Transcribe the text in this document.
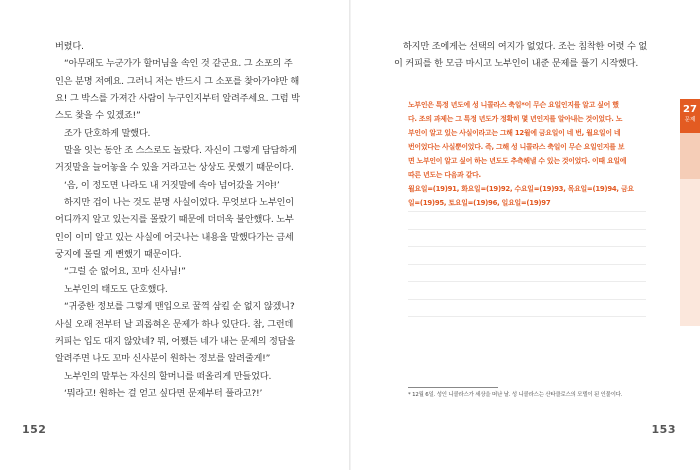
버렸다.

“아무래도 누군가가 할머님을 속인 것 같군요. 그 소포의 주

인은 분명 저예요. 그러니 저는 반드시 그 소포를 찾아가야만 해

요! 그 박스를 가져간 사람이 누구인지부터 알려주세요. 그럼 박

스도 찾을 수 있겠죠!”

조가 단호하게 말했다.

말을 잇는 동안 조 스스로도 놀랐다. 자신이 그렇게 담담하게

거짓말을 늘어놓을 수 있을 거라고는 상상도 못했기 때문이다.

‘음, 이 정도면 나라도 내 거짓말에 속아 넘어갔을 거야!’

하지만 겁이 나는 것도 분명 사실이었다. 무엇보다 노부인이

어디까지 알고 있는지를 몰랐기 때문에 더더욱 불안했다. 노부

인이 이미 알고 있는 사실에 어긋나는 내용을 말했다가는 금세

궁지에 몰릴 게 뻔했기 때문이다.

“그럴 순 없어요, 꼬마 신사님!”

노부인의 태도도 단호했다.

“귀중한 정보를 그렇게 맨입으로 꿀꺽 삼킬 순 없지 않겠니?

사실 오래 전부터 날 괴롭혀온 문제가 하나 있단다. 참, 그런데

커피는 입도 대지 않았네? 뭐, 어쨌든 네가 내는 문제의 정답을

알려주면 나도 꼬마 신사분이 원하는 정보를 알려줄게!”

노부인의 말투는 자신의 할머니를 떠올리게 만들었다.

‘뭐라고! 원하는 걸 얻고 싶다면 문제부터 풀라고?!’

152

하지만 조에게는 선택의 여지가 없었다. 조는 침착한 어렷 수 없

이 커피를 한 모금 마시고 노부인이 내준 문제를 풀기 시작했다.

노부인은 특정 년도에 성 니콜라스 축일*이 무슨 요일인지를 알고 싶어 했

다. 조의 과제는 그 특정 년도가 정확히 몇 년인지를 알아내는 것이었다. 노

부인이 알고 있는 사실이라고는 그해 12월에 금요일이 네 번, 월요일이 네

번이었다는 사실뿐이었다. 즉, 그해 성 니콜라스 축일이 무슨 요일인지를 보

면 노부인이 알고 싶어 하는 년도도 추측해낼 수 있는 것이었다. 이때 요일에

따른 년도는 다음과 같다.

월요일=(19)91, 화요일=(19)92, 수요일=(19)93, 목요일=(19)94, 금요

일=(19)95, 토요일=(19)96, 일요일=(19)97

27
문제
* 12월 6일. 성인 니콜라스가 세상을 떠난 날. 성 니콜라스는 산타클로스의 모델이 된 인물이다.
153
